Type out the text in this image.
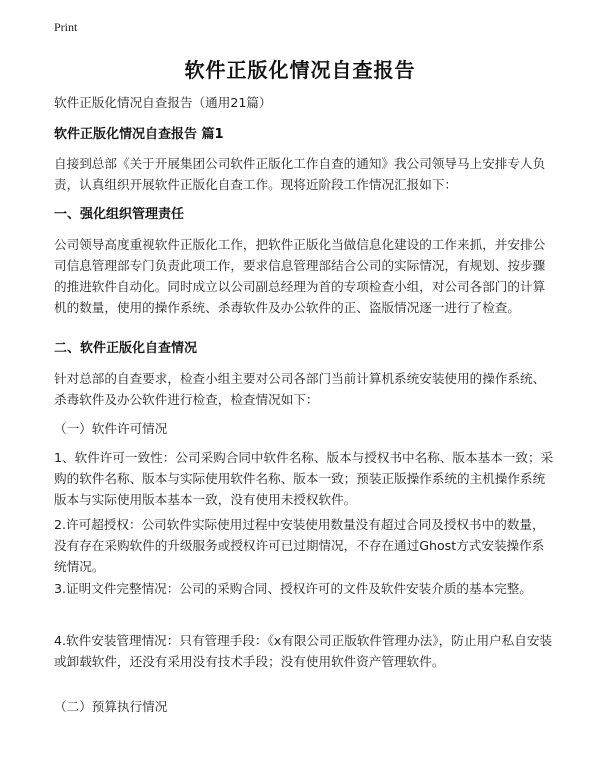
Print
软件正版化情况自查报告

软件正版化情况自查报告（通用21篇）

软件正版化情况自查报告 篇1

自接到总部《关于开展集团公司软件正版化工作自查的通知》我公司领导马上安排专人负责，认真组织开展软件正版化自查工作。现将近阶段工作情况汇报如下：

一、强化组织管理责任

公司领导高度重视软件正版化工作，把软件正版化当做信息化建设的工作来抓，并安排公司信息管理部专门负责此项工作，要求信息管理部结合公司的实际情况，有规划、按步骤的推进软件自动化。同时成立以公司副总经理为首的专项检查小组，对公司各部门的计算机的数量，使用的操作系统、杀毒软件及办公软件的正、盗版情况逐一进行了检查。

二、软件正版化自查情况

针对总部的自查要求，检查小组主要对公司各部门当前计算机系统安装使用的操作系统、杀毒软件及办公软件进行检查，检查情况如下：

（一）软件许可情况

1、软件许可一致性：公司采购合同中软件名称、版本与授权书中名称、版本基本一致；采购的软件名称、版本与实际使用软件名称、版本一致；预装正版操作系统的主机操作系统版本与实际使用版本基本一致，没有使用未授权软件。

2.许可超授权：公司软件实际使用过程中安装使用数量没有超过合同及授权书中的数量，没有存在采购软件的升级服务或授权许可已过期情况，不存在通过Ghost方式安装操作系统情况。

3.证明文件完整情况：公司的采购合同、授权许可的文件及软件安装介质的基本完整。

4.软件安装管理情况：只有管理手段：《x有限公司正版软件管理办法》，防止用户私自安装或卸载软件，还没有采用没有技术手段；没有使用软件资产管理软件。

（二）预算执行情况
